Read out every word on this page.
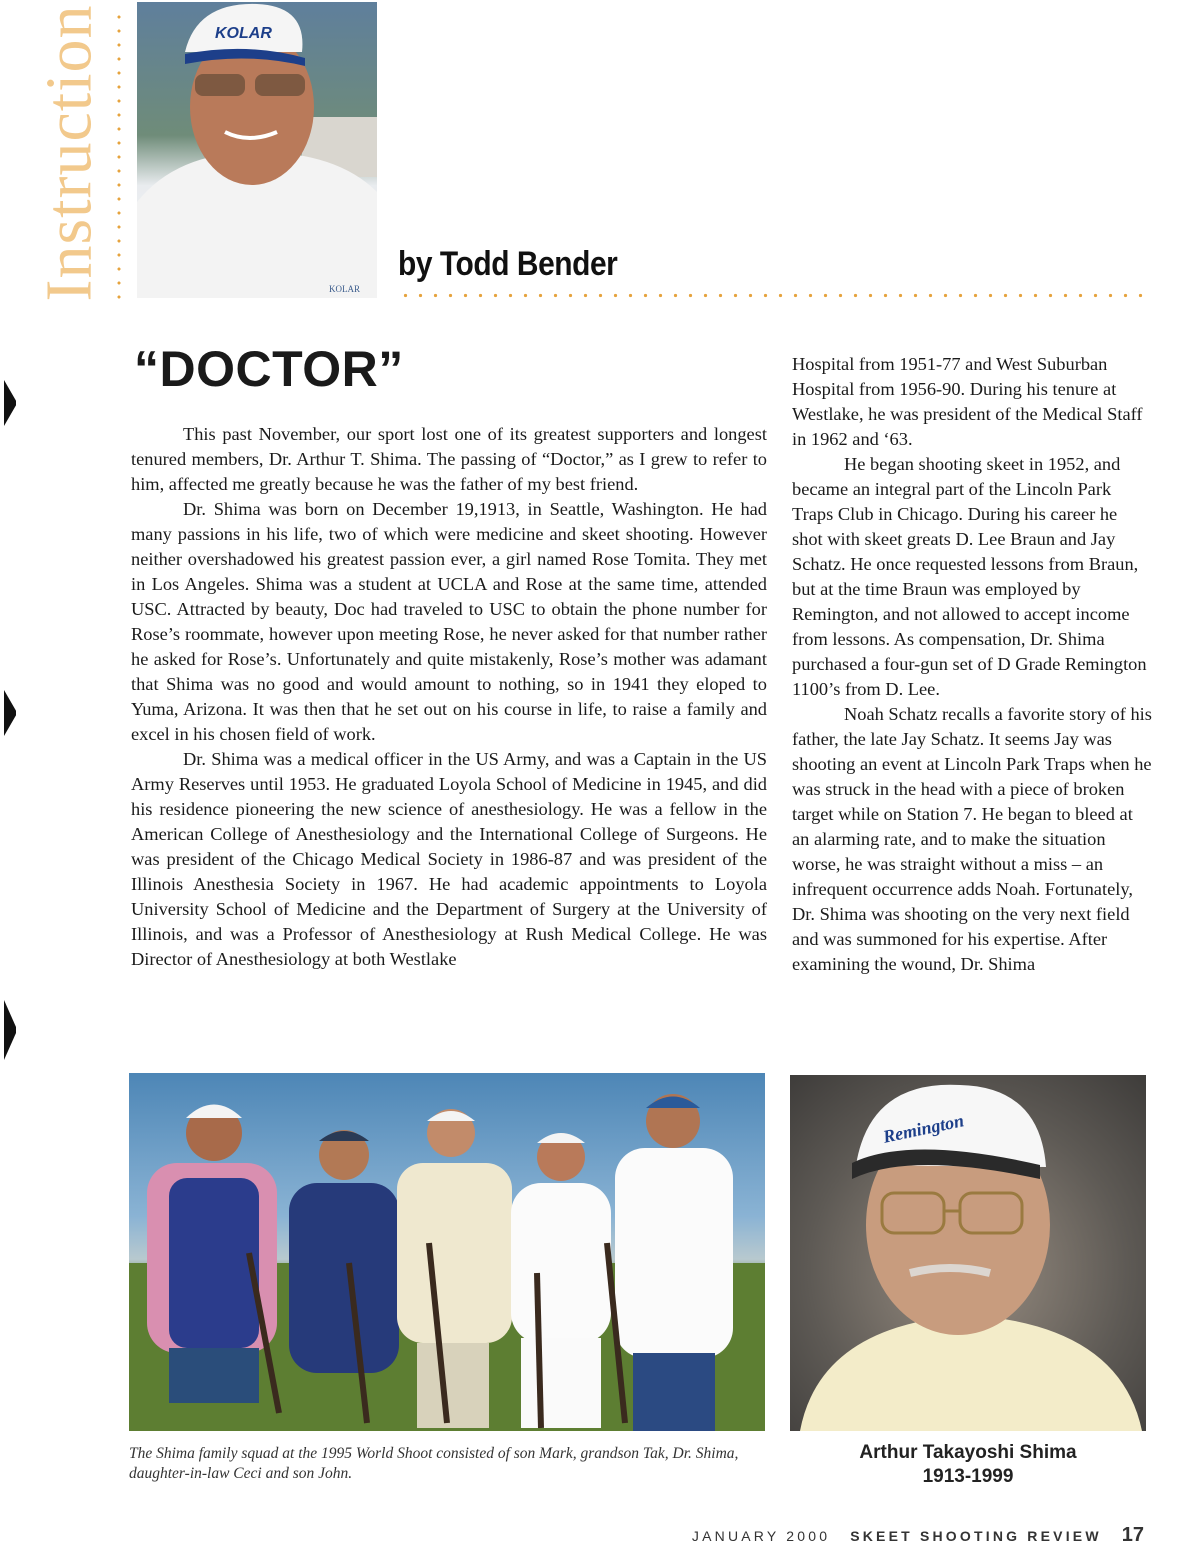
Instruction	KOLAR
KOLAR
by Todd Bender
“DOCTOR”

This past November, our sport lost one of its greatest supporters and longest tenured members, Dr. Arthur T. Shima. The passing of “Doctor,” as I grew to refer to him, affected me greatly because he was the father of my best friend.

Dr. Shima was born on December 19,1913, in Seattle, Washington. He had many passions in his life, two of which were medicine and skeet shooting. However neither overshadowed his greatest passion ever, a girl named Rose Tomita. They met in Los Angeles. Shima was a student at UCLA and Rose at the same time, attended USC. Attracted by beauty, Doc had traveled to USC to obtain the phone number for Rose’s roommate, however upon meeting Rose, he never asked for that number rather he asked for Rose’s. Unfortunately and quite mistakenly, Rose’s mother was adamant that Shima was no good and would amount to nothing, so in 1941 they eloped to Yuma, Arizona. It was then that he set out on his course in life, to raise a family and excel in his chosen field of work.

Dr. Shima was a medical officer in the US Army, and was a Captain in the US Army Reserves until 1953. He graduated Loyola School of Medicine in 1945, and did his residence pioneering the new science of anesthesiology. He was a fellow in the American College of Anesthesiology and the International College of Surgeons. He was president of the Chicago Medical Society in 1986-87 and was president of the Illinois Anesthesia Society in 1967. He had academic appointments to Loyola University School of Medicine and the Department of Surgery at the University of Illinois, and was a Professor of Anesthesiology at Rush Medical College. He was Director of Anesthesiology at both Westlake

Hospital from 1951-77 and West Suburban Hospital from 1956-90. During his tenure at Westlake, he was president of the Medical Staff in 1962 and ‘63.

He began shooting skeet in 1952, and became an integral part of the Lincoln Park Traps Club in Chicago. During his career he shot with skeet greats D. Lee Braun and Jay Schatz. He once requested lessons from Braun, but at the time Braun was employed by Remington, and not allowed to accept income from lessons. As compensation, Dr. Shima purchased a four-gun set of D Grade Remington 1100’s from D. Lee.

Noah Schatz recalls a favorite story of his father, the late Jay Schatz. It seems Jay was shooting an event at Lincoln Park Traps when he was struck in the head with a piece of broken target while on Station 7. He began to bleed at an alarming rate, and to make the situation worse, he was straight without a miss – an infrequent occurrence adds Noah. Fortunately, Dr. Shima was shooting on the very next field and was summoned for his expertise. After examining the wound, Dr. Shima

Remington
The Shima family squad at the 1995 World Shoot consisted of son Mark, grandson Tak, Dr. Shima, daughter-in-law Ceci and son John.
Arthur Takayoshi Shima
1913-1999
JANUARY 2000 SKEET SHOOTING REVIEW 17
